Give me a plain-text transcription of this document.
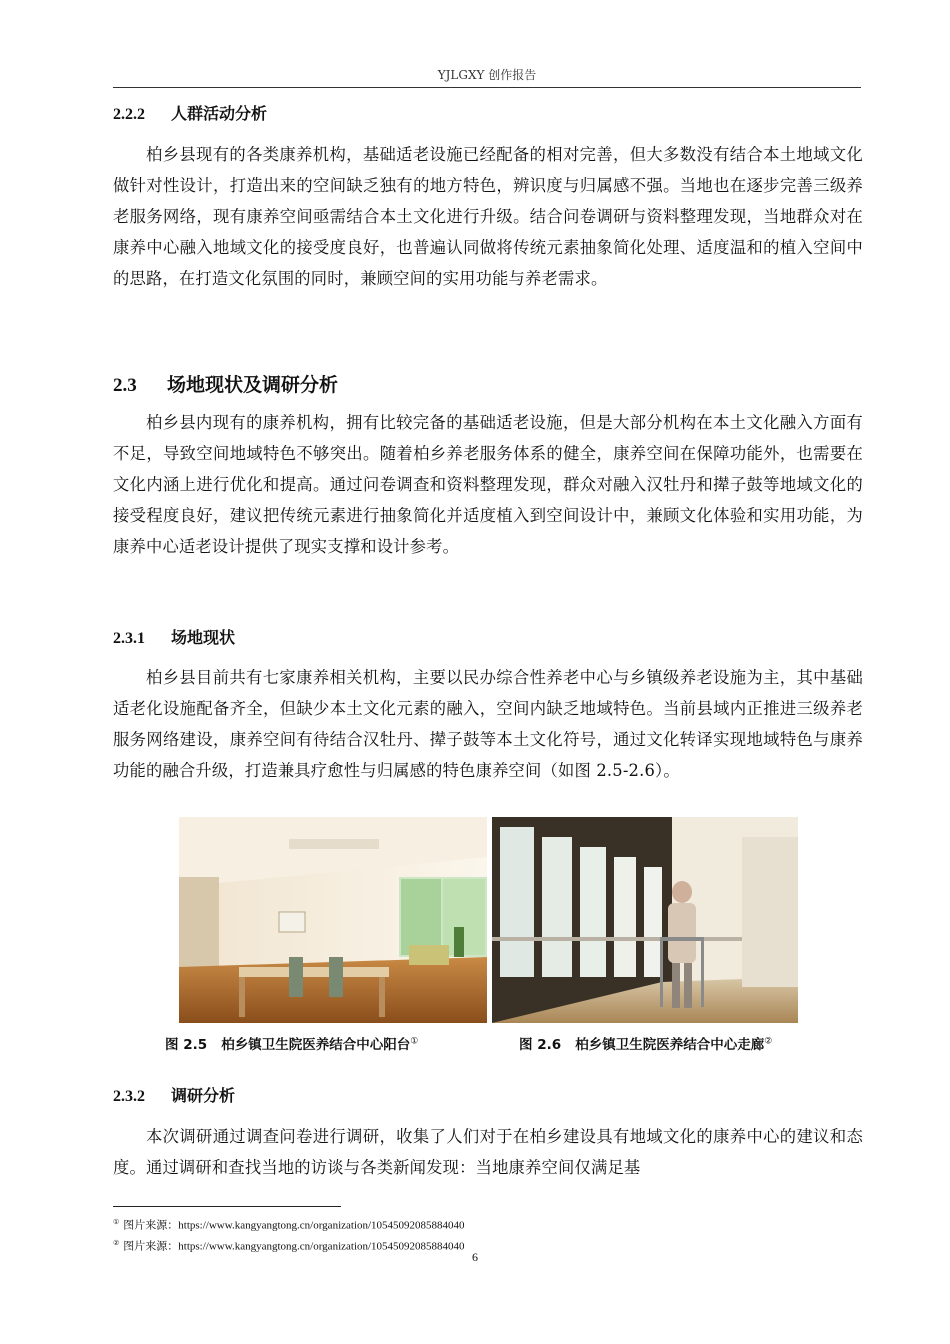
YJLGXY 创作报告
2.2.2 人群活动分析

柏乡县现有的各类康养机构，基础适老设施已经配备的相对完善，但大多数没有结合本土地域文化做针对性设计，打造出来的空间缺乏独有的地方特色，辨识度与归属感不强。当地也在逐步完善三级养老服务网络，现有康养空间亟需结合本土文化进行升级。结合问卷调研与资料整理发现，当地群众对在康养中心融入地域文化的接受度良好，也普遍认同做将传统元素抽象简化处理、适度温和的植入空间中的思路，在打造文化氛围的同时，兼顾空间的实用功能与养老需求。

2.3 场地现状及调研分析

柏乡县内现有的康养机构，拥有比较完备的基础适老设施，但是大部分机构在本土文化融入方面有不足，导致空间地域特色不够突出。随着柏乡养老服务体系的健全，康养空间在保障功能外，也需要在文化内涵上进行优化和提高。通过问卷调查和资料整理发现，群众对融入汉牡丹和撵子鼓等地域文化的接受程度良好，建议把传统元素进行抽象简化并适度植入到空间设计中，兼顾文化体验和实用功能，为康养中心适老设计提供了现实支撑和设计参考。

2.3.1 场地现状

柏乡县目前共有七家康养相关机构，主要以民办综合性养老中心与乡镇级养老设施为主，其中基础适老化设施配备齐全，但缺少本土文化元素的融入，空间内缺乏地域特色。当前县域内正推进三级养老服务网络建设，康养空间有待结合汉牡丹、撵子鼓等本土文化符号，通过文化转译实现地域特色与康养功能的融合升级，打造兼具疗愈性与归属感的特色康养空间（如图 2.5-2.6）。

图 2.5 柏乡镇卫生院医养结合中心阳台①	图 2.6 柏乡镇卫生院医养结合中心走廊②
2.3.2 调研分析

本次调研通过调查问卷进行调研，收集了人们对于在柏乡建设具有地域文化的康养中心的建议和态度。通过调研和查找当地的访谈与各类新闻发现：当地康养空间仅满足基

① 图片来源：https://www.kangyangtong.cn/organization/10545092085884040
② 图片来源：https://www.kangyangtong.cn/organization/10545092085884040
6
